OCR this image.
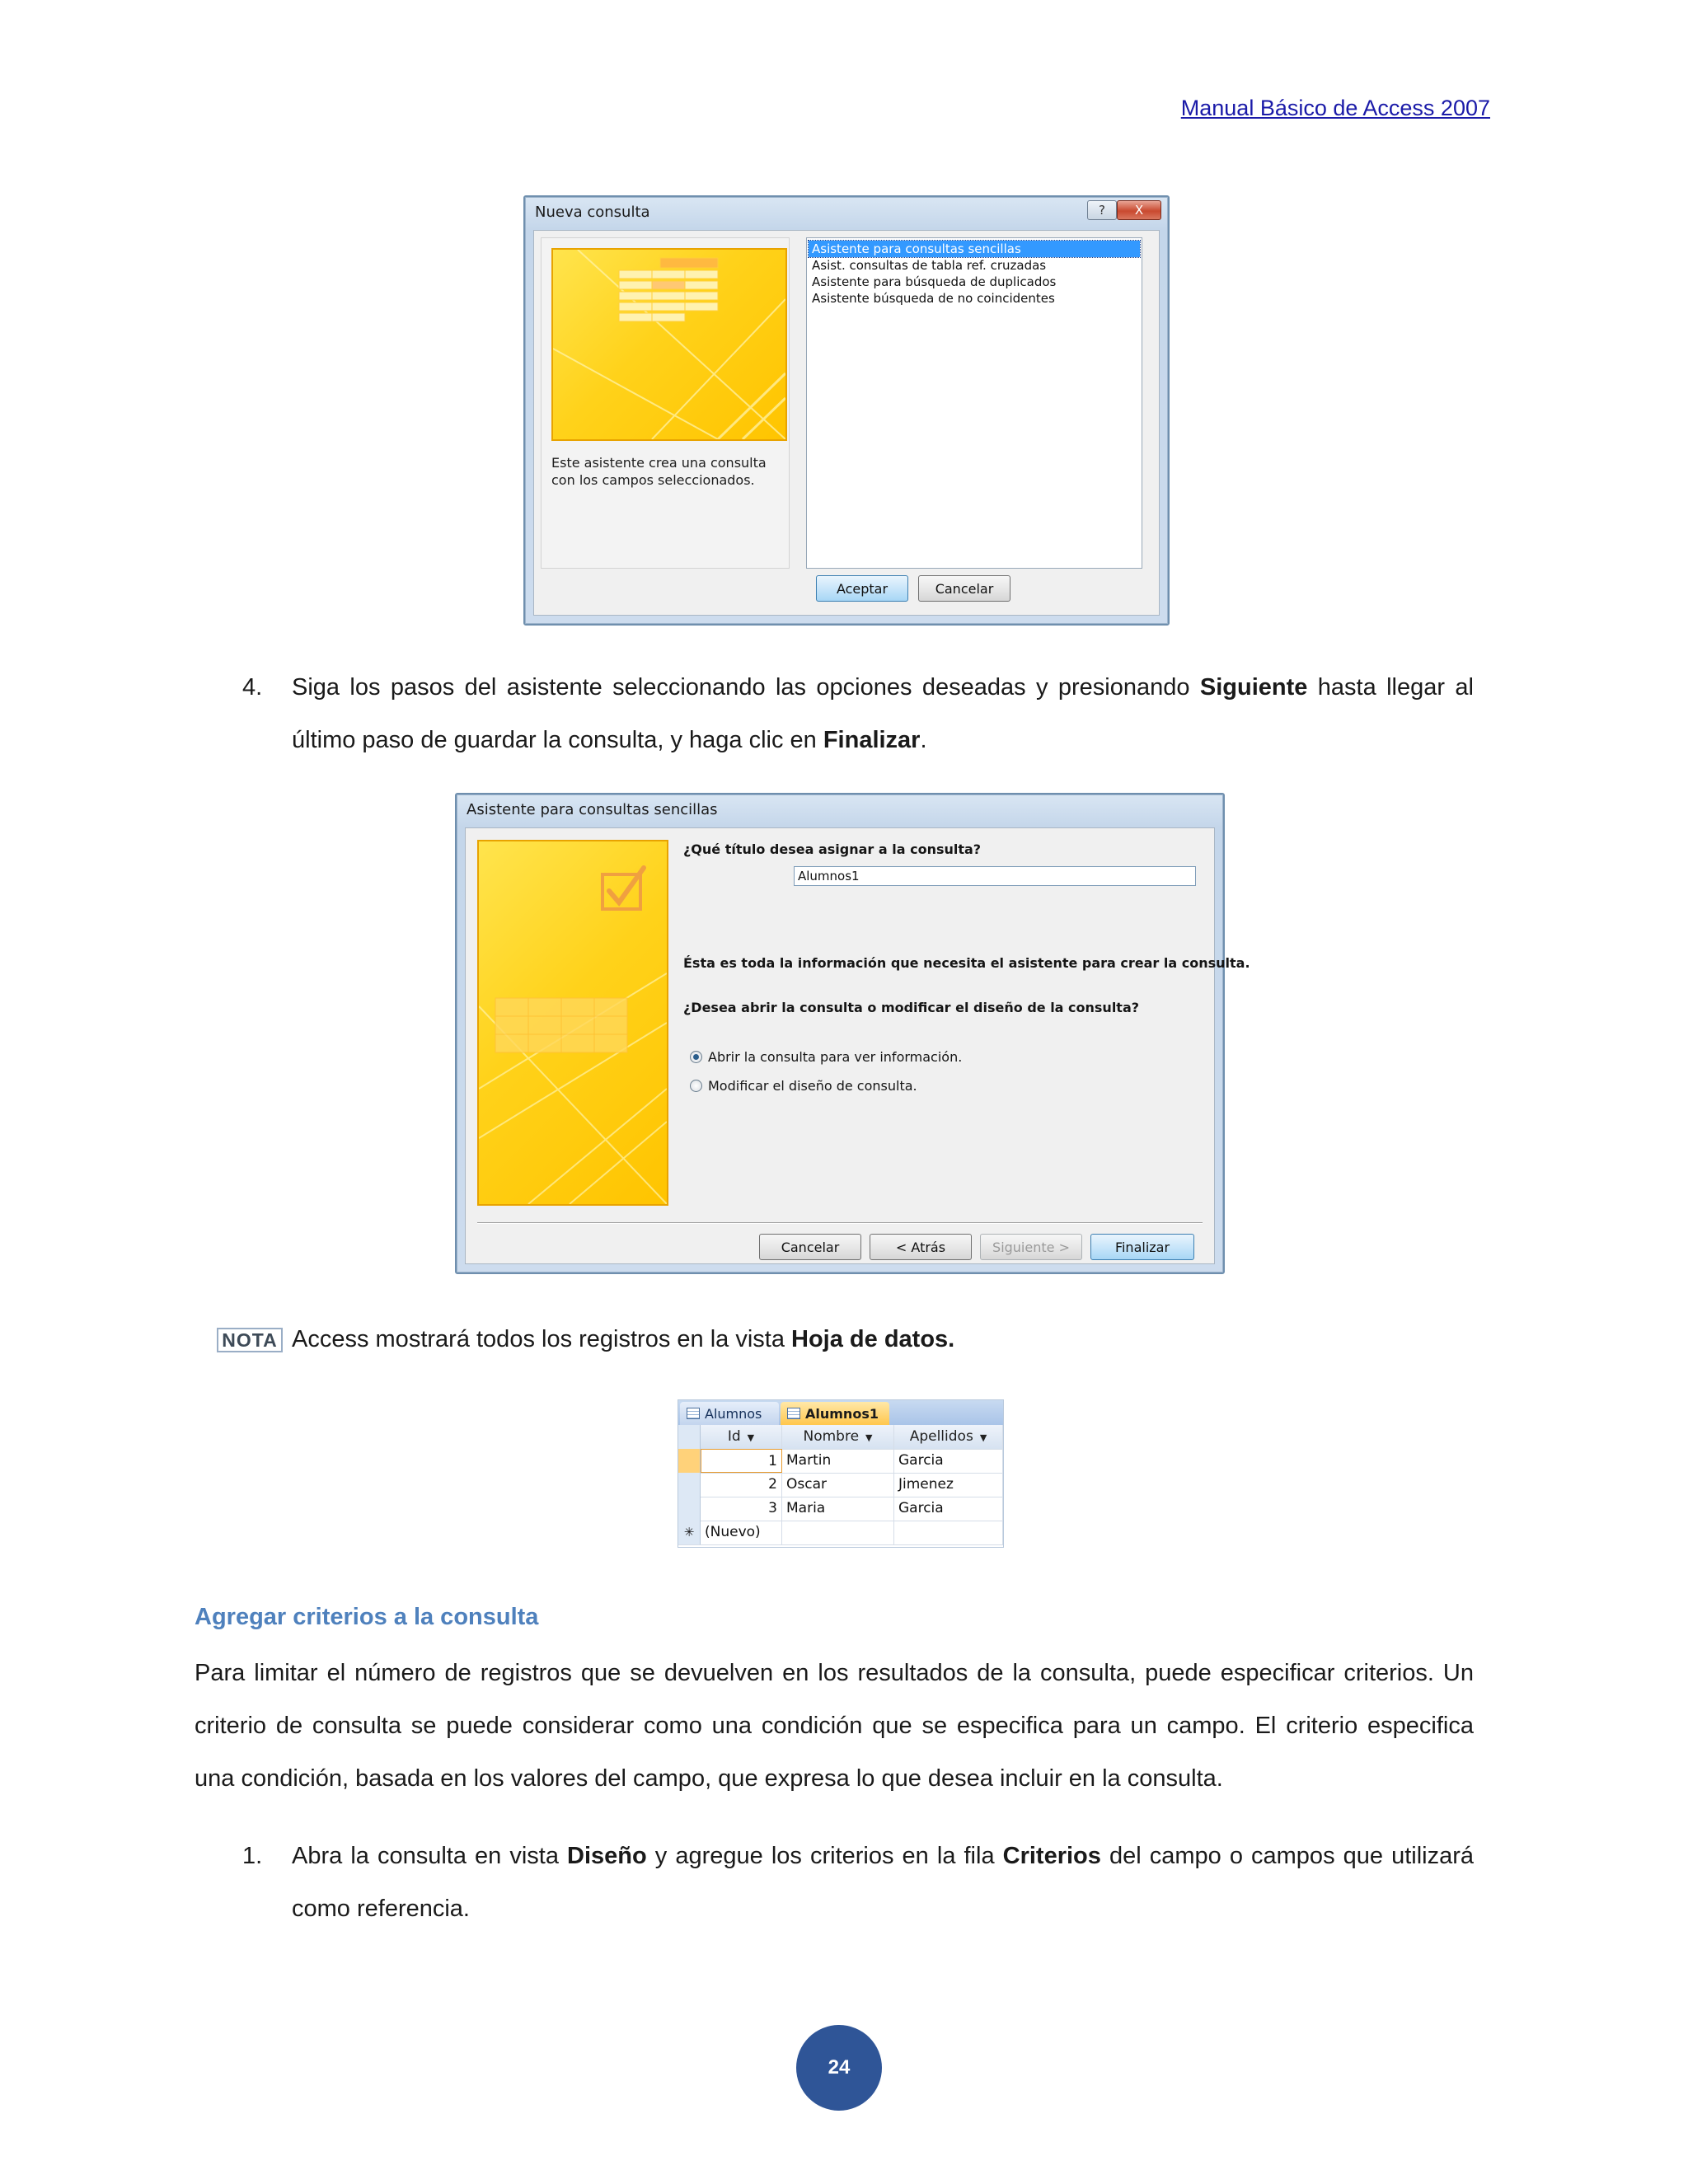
Manual Básico de Access 2007
Nueva consulta	?	X
Este asistente crea una consulta
con los campos seleccionados.
Asistente para consultas sencillas
Asist. consultas de tabla ref. cruzadas
Asistente para búsqueda de duplicados
Asistente búsqueda de no coincidentes
Aceptar	Cancelar
4. Siga los pasos del asistente seleccionando las opciones deseadas y presionando Siguiente hasta llegar al
último paso de guardar la consulta, y haga clic en Finalizar.
Asistente para consultas sencillas
¿Qué título desea asignar a la consulta?
Alumnos1
Ésta es toda la información que necesita el asistente para crear la consulta.
¿Desea abrir la consulta o modificar el diseño de la consulta?
Abrir la consulta para ver información.
Modificar el diseño de consulta.
Cancelar	< Atrás	Siguiente >	Finalizar
NOTA Access mostrará todos los registros en la vista Hoja de datos.
Alumnos	Alumnos1
Id ▼	Nombre ▼	Apellidos ▼
1 Martin	Garcia
2 Oscar	Jimenez
3 Maria	Garcia
✳ (Nuevo)
Agregar criterios a la consulta
Para limitar el número de registros que se devuelven en los resultados de la consulta, puede especificar criterios. Un
criterio de consulta se puede considerar como una condición que se especifica para un campo. El criterio especifica
una condición, basada en los valores del campo, que expresa lo que desea incluir en la consulta.
1. Abra la consulta en vista Diseño y agregue los criterios en la fila Criterios del campo o campos que utilizará
como referencia.
24
